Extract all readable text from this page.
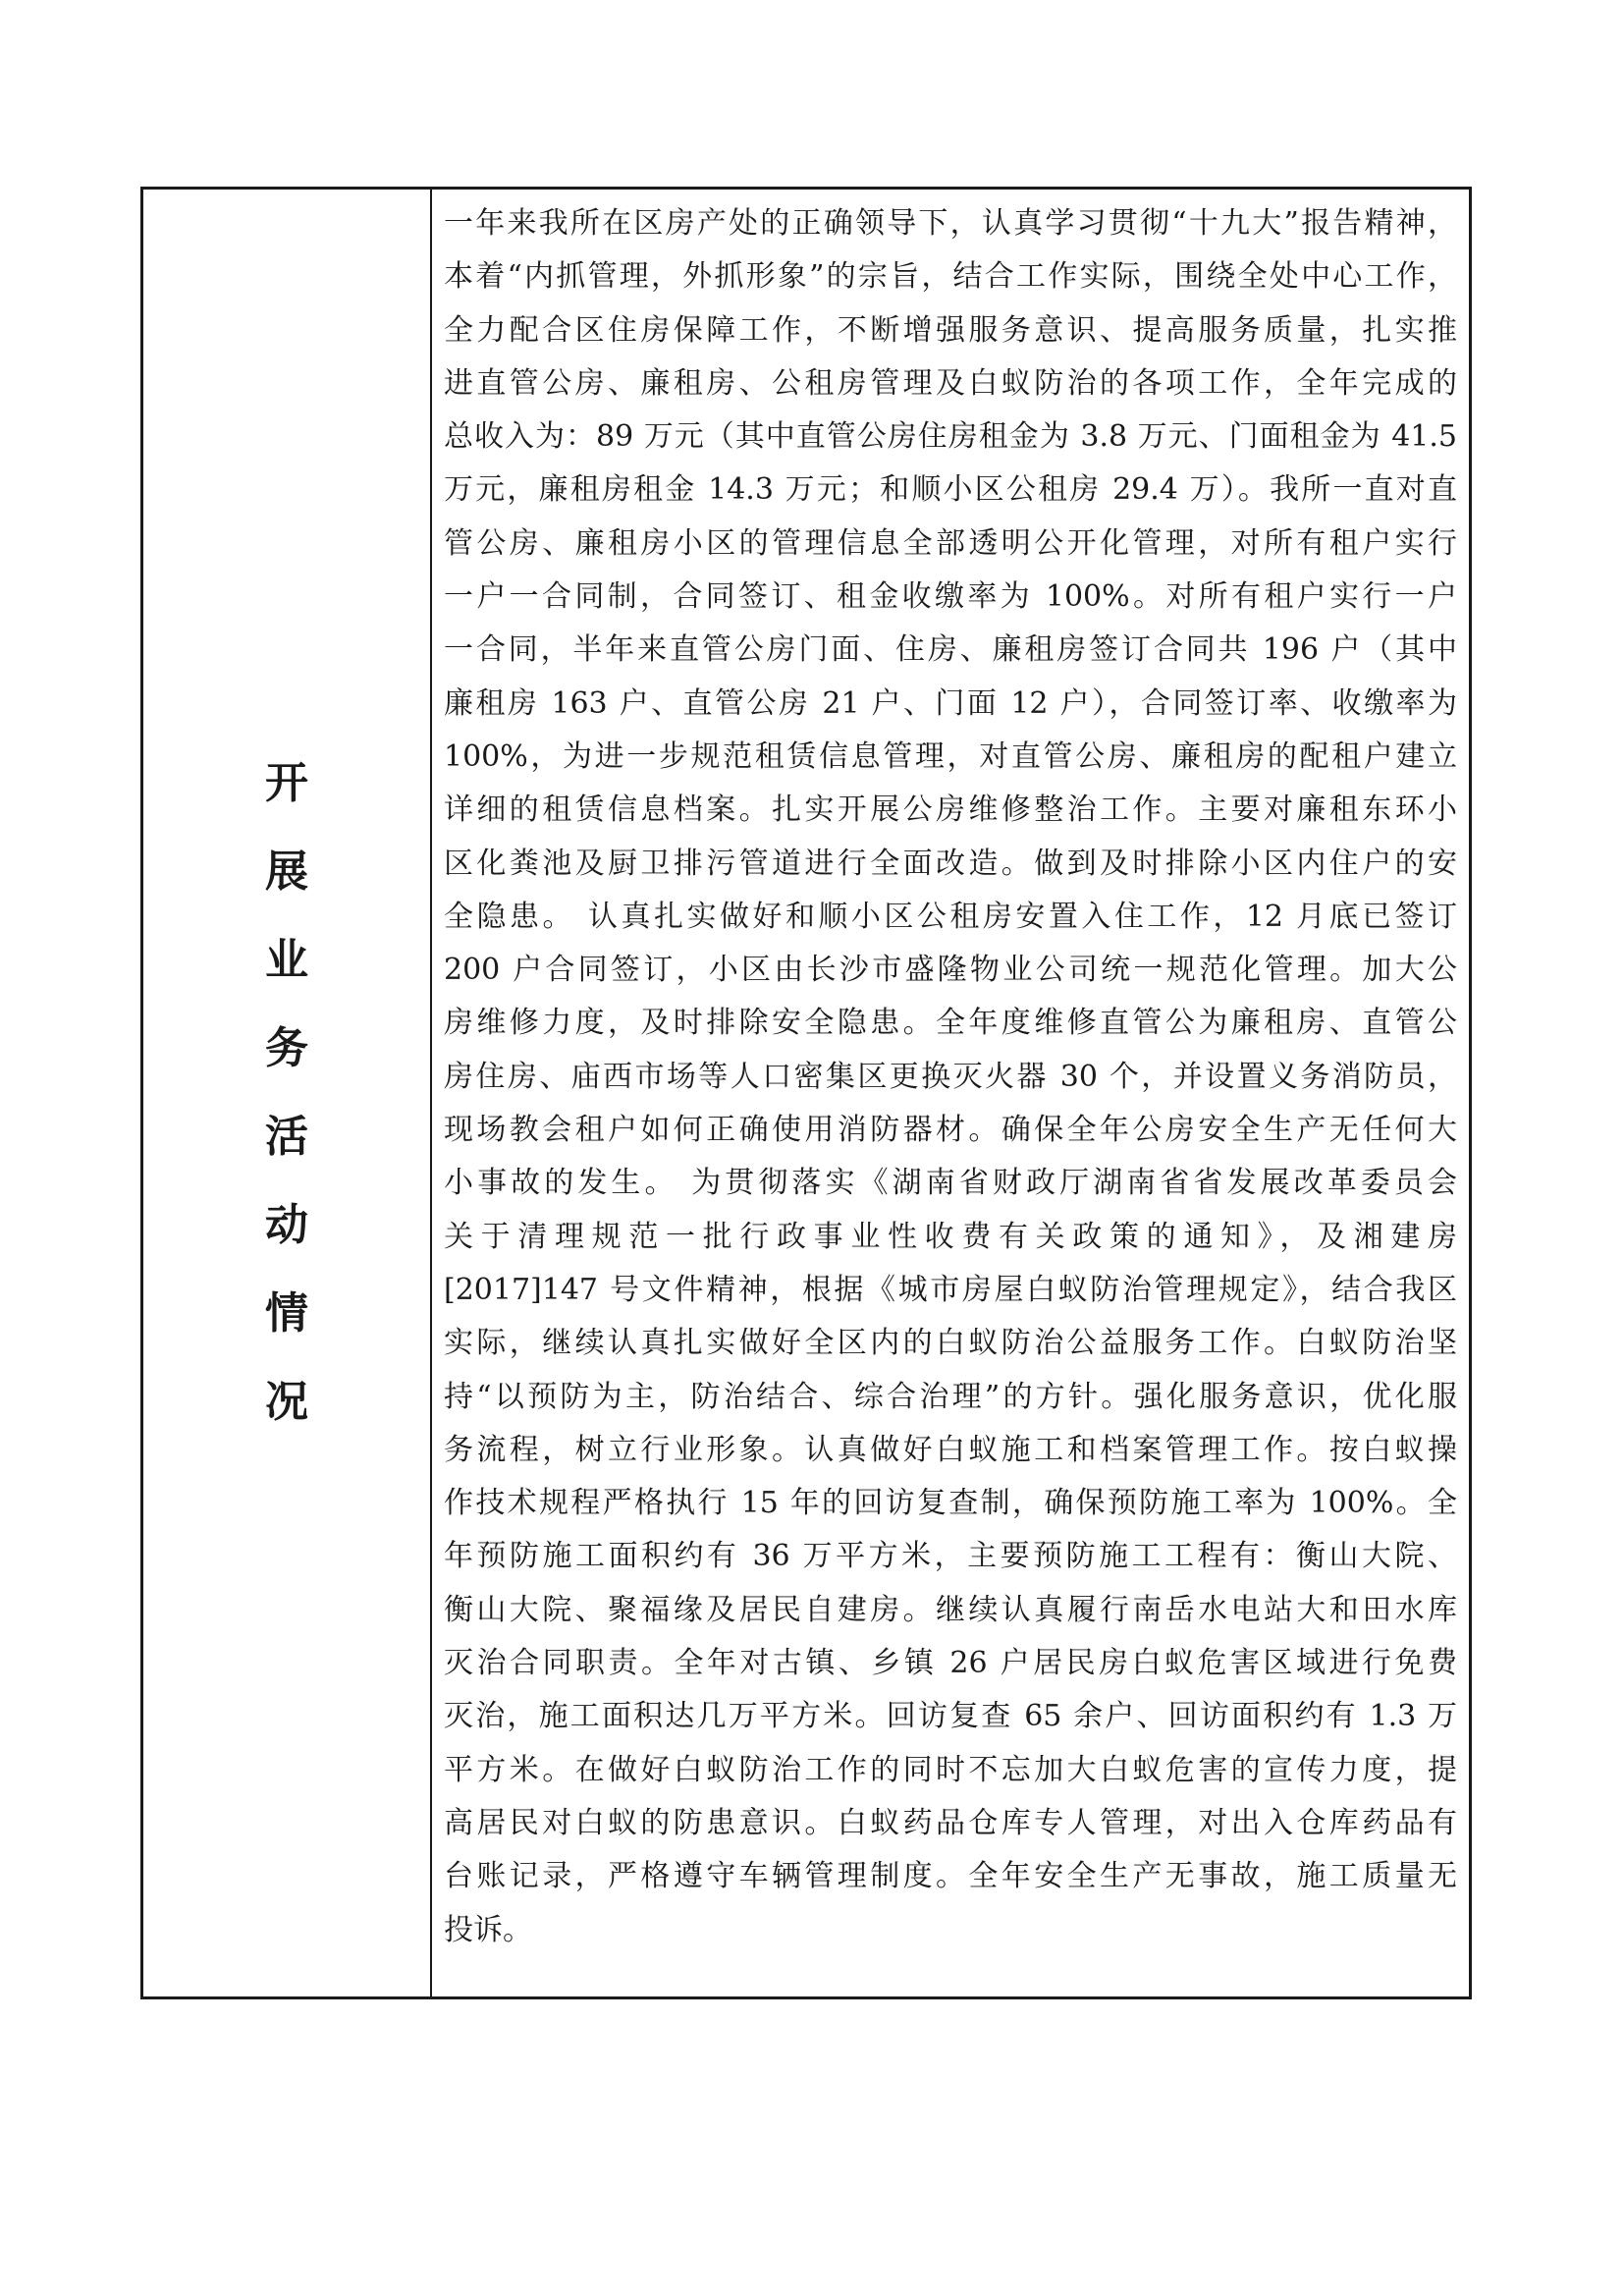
开
展
业
务
活
动
情
况
一年来我所在区房产处的正确领导下，认真学习贯彻“十九大”报告精神，
本着“内抓管理，外抓形象”的宗旨，结合工作实际，围绕全处中心工作，
全力配合区住房保障工作，不断增强服务意识、提高服务质量，扎实推
进直管公房、廉租房、公租房管理及白蚁防治的各项工作，全年完成的
总收入为：89 万元（其中直管公房住房租金为 3.8 万元、门面租金为 41.5
万元，廉租房租金 14.3 万元；和顺小区公租房 29.4 万）。我所一直对直
管公房、廉租房小区的管理信息全部透明公开化管理，对所有租户实行
一户一合同制，合同签订、租金收缴率为 100%。对所有租户实行一户
一合同，半年来直管公房门面、住房、廉租房签订合同共 196 户（其中
廉租房 163 户、直管公房 21 户、门面 12 户），合同签订率、收缴率为
100%，为进一步规范租赁信息管理，对直管公房、廉租房的配租户建立
详细的租赁信息档案。扎实开展公房维修整治工作。主要对廉租东环小
区化粪池及厨卫排污管道进行全面改造。做到及时排除小区内住户的安
全隐患。 认真扎实做好和顺小区公租房安置入住工作，12 月底已签订
200 户合同签订，小区由长沙市盛隆物业公司统一规范化管理。加大公
房维修力度，及时排除安全隐患。全年度维修直管公为廉租房、直管公
房住房、庙西市场等人口密集区更换灭火器 30 个，并设置义务消防员，
现场教会租户如何正确使用消防器材。确保全年公房安全生产无任何大
小事故的发生。 为贯彻落实《湖南省财政厅湖南省省发展改革委员会
关于清理规范一批行政事业性收费有关政策的通知》，及湘建房
[2017]147 号文件精神，根据《城市房屋白蚁防治管理规定》，结合我区
实际，继续认真扎实做好全区内的白蚁防治公益服务工作。白蚁防治坚
持“以预防为主，防治结合、综合治理”的方针。强化服务意识，优化服
务流程，树立行业形象。认真做好白蚁施工和档案管理工作。按白蚁操
作技术规程严格执行 15 年的回访复查制，确保预防施工率为 100%。全
年预防施工面积约有 36 万平方米，主要预防施工工程有：衡山大院、
衡山大院、聚福缘及居民自建房。继续认真履行南岳水电站大和田水库
灭治合同职责。全年对古镇、乡镇 26 户居民房白蚁危害区域进行免费
灭治，施工面积达几万平方米。回访复查 65 余户、回访面积约有 1.3 万
平方米。在做好白蚁防治工作的同时不忘加大白蚁危害的宣传力度，提
高居民对白蚁的防患意识。白蚁药品仓库专人管理，对出入仓库药品有
台账记录，严格遵守车辆管理制度。全年安全生产无事故，施工质量无
投诉。
